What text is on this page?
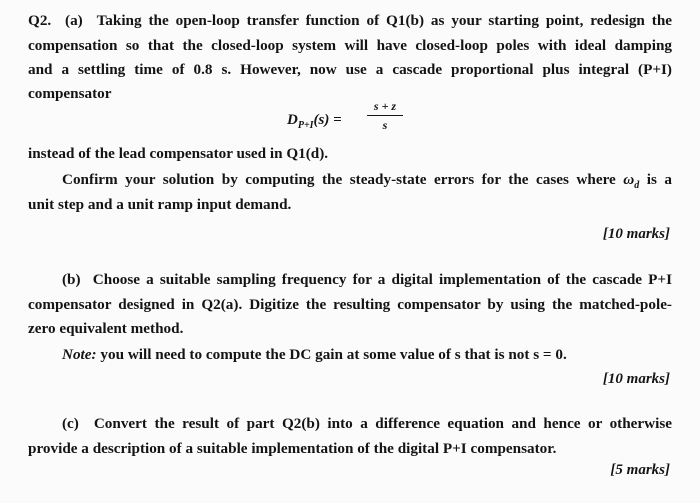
Q2. (a) Taking the open-loop transfer function of Q1(b) as your starting point, redesign the
compensation so that the closed-loop system will have closed-loop poles with ideal damping
and a settling time of 0.8 s. However, now use a cascade proportional plus integral (P+I)
compensator
$D_{P+I}(s)$ =
s + z
s
instead of the lead compensator used in Q1(d).
Confirm your solution by computing the steady-state errors for the cases where $\omega_d$ is a
unit step and a unit ramp input demand.
[10 marks]
(b) Choose a suitable sampling frequency for a digital implementation of the cascade P+I
compensator designed in Q2(a). Digitize the resulting compensator by using the matched-pole-
zero equivalent method.
Note: you will need to compute the DC gain at some value of s that is not s = 0.
[10 marks]
(c) Convert the result of part Q2(b) into a difference equation and hence or otherwise
provide a description of a suitable implementation of the digital P+I compensator.
[5 marks]
